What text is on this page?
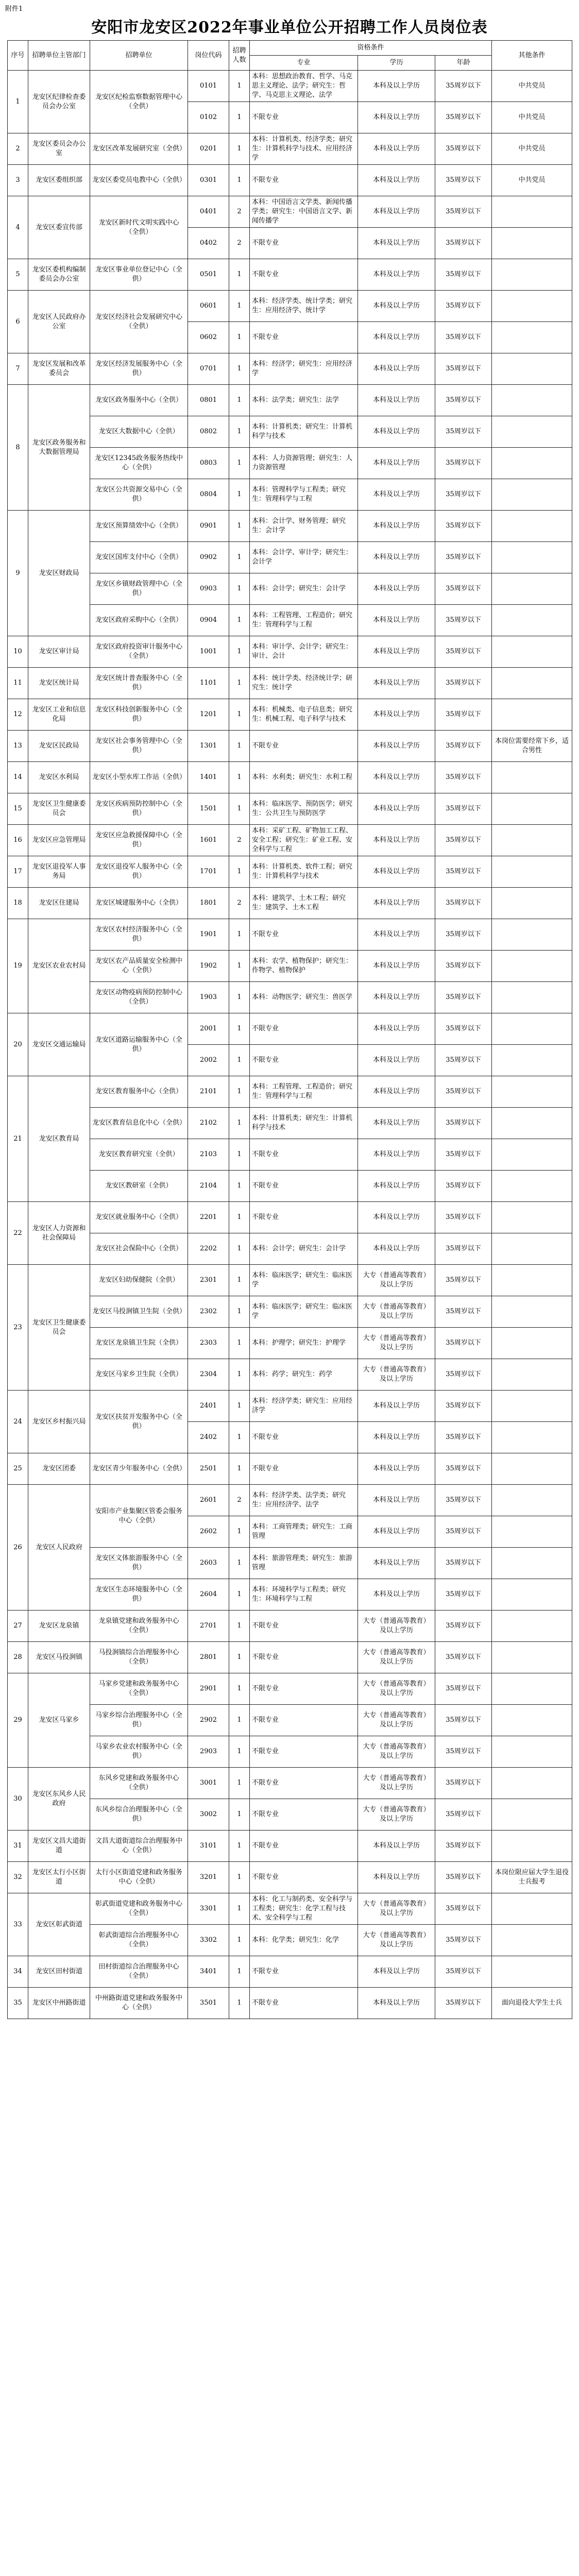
附件1
安阳市龙安区2022年事业单位公开招聘工作人员岗位表
序号	招聘单位主管部门	招聘单位	岗位代码	招聘人数	资格条件			其他条件
					专业	学历	年龄	
1	龙安区纪律检查委员会办公室	龙安区纪检监察数据管理中心（全供）	0101	1	本科：思想政治教育、哲学、马克思主义理论、法学；研究生：哲学、马克思主义理论、法学	本科及以上学历	35周岁以下	中共党员
			0102	1	不限专业	本科及以上学历	35周岁以下	中共党员
2	龙安区委员会办公室	龙安区改革发展研究室（全供）	0201	1	本科：计算机类、经济学类；研究生：计算机科学与技术、应用经济学	本科及以上学历	35周岁以下	中共党员
3	龙安区委组织部	龙安区委党员电教中心（全供）	0301	1	不限专业	本科及以上学历	35周岁以下	中共党员
4	龙安区委宣传部	龙安区新时代文明实践中心（全供）	0401	2	本科：中国语言文学类、新闻传播学类；研究生：中国语言文学、新闻传播学	本科及以上学历	35周岁以下	
			0402	2	不限专业	本科及以上学历	35周岁以下	
5	龙安区委机构编制委员会办公室	龙安区事业单位登记中心（全供）	0501	1	不限专业	本科及以上学历	35周岁以下	
6	龙安区人民政府办公室	龙安区经济社会发展研究中心（全供）	0601	1	本科：经济学类、统计学类；研究生：应用经济学、统计学	本科及以上学历	35周岁以下	
			0602	1	不限专业	本科及以上学历	35周岁以下	
7	龙安区发展和改革委员会	龙安区经济发展服务中心（全供）	0701	1	本科：经济学；研究生：应用经济学	本科及以上学历	35周岁以下	
8	龙安区政务服务和大数据管理局	龙安区政务服务中心（全供）	0801	1	本科：法学类；研究生：法学	本科及以上学历	35周岁以下	
		龙安区大数据中心（全供）	0802	1	本科：计算机类；研究生：计算机科学与技术	本科及以上学历	35周岁以下	
		龙安区12345政务服务热线中心（全供）	0803	1	本科：人力资源管理；研究生：人力资源管理	本科及以上学历	35周岁以下	
		龙安区公共资源交易中心（全供）	0804	1	本科：管理科学与工程类；研究生：管理科学与工程	本科及以上学历	35周岁以下	
9	龙安区财政局	龙安区预算绩效中心（全供）	0901	1	本科：会计学、财务管理；研究生：会计学	本科及以上学历	35周岁以下	
		龙安区国库支付中心（全供）	0902	1	本科：会计学、审计学；研究生：会计学	本科及以上学历	35周岁以下	
		龙安区乡镇财政管理中心（全供）	0903	1	本科：会计学；研究生：会计学	本科及以上学历	35周岁以下	
		龙安区政府采购中心（全供）	0904	1	本科：工程管理、工程造价；研究生：管理科学与工程	本科及以上学历	35周岁以下	
10	龙安区审计局	龙安区政府投资审计服务中心（全供）	1001	1	本科：审计学、会计学；研究生：审计、会计	本科及以上学历	35周岁以下	
11	龙安区统计局	龙安区统计普查服务中心（全供）	1101	1	本科：统计学类、经济统计学；研究生：统计学	本科及以上学历	35周岁以下	
12	龙安区工业和信息化局	龙安区科技创新服务中心（全供）	1201	1	本科：机械类、电子信息类；研究生：机械工程、电子科学与技术	本科及以上学历	35周岁以下	
13	龙安区民政局	龙安区社会事务管理中心（全供）	1301	1	不限专业	本科及以上学历	35周岁以下	本岗位需要经常下乡，适合男性
14	龙安区水利局	龙安区小型水库工作站（全供）	1401	1	本科：水利类；研究生：水利工程	本科及以上学历	35周岁以下	
15	龙安区卫生健康委员会	龙安区疾病预防控制中心（全供）	1501	1	本科：临床医学、预防医学；研究生：公共卫生与预防医学	本科及以上学历	35周岁以下	
16	龙安区应急管理局	龙安区应急救援保障中心（全供）	1601	2	本科：采矿工程、矿物加工工程、安全工程；研究生：矿业工程、安全科学与工程	本科及以上学历	35周岁以下	
17	龙安区退役军人事务局	龙安区退役军人服务中心（全供）	1701	1	本科：计算机类、软件工程；研究生：计算机科学与技术	本科及以上学历	35周岁以下	
18	龙安区住建局	龙安区城建服务中心（全供）	1801	2	本科：建筑学、土木工程；研究生：建筑学、土木工程	本科及以上学历	35周岁以下	
19	龙安区农业农村局	龙安区农村经济服务中心（全供）	1901	1	不限专业	本科及以上学历	35周岁以下	
		龙安区农产品质量安全检测中心（全供）	1902	1	本科：农学、植物保护；研究生：作物学、植物保护	本科及以上学历	35周岁以下	
		龙安区动物疫病预防控制中心（全供）	1903	1	本科：动物医学；研究生：兽医学	本科及以上学历	35周岁以下	
20	龙安区交通运输局	龙安区道路运输服务中心（全供）	2001	1	不限专业	本科及以上学历	35周岁以下	
			2002	1	不限专业	本科及以上学历	35周岁以下	
21	龙安区教育局	龙安区教育服务中心（全供）	2101	1	本科：工程管理、工程造价；研究生：管理科学与工程	本科及以上学历	35周岁以下	
		龙安区教育信息化中心（全供）	2102	1	本科：计算机类；研究生：计算机科学与技术	本科及以上学历	35周岁以下	
		龙安区教育研究室（全供）	2103	1	不限专业	本科及以上学历	35周岁以下	
		龙安区教研室（全供）	2104	1	不限专业	本科及以上学历	35周岁以下	
22	龙安区人力资源和社会保障局	龙安区就业服务中心（全供）	2201	1	不限专业	本科及以上学历	35周岁以下	
		龙安区社会保险中心（全供）	2202	1	本科：会计学；研究生：会计学	本科及以上学历	35周岁以下	
23	龙安区卫生健康委员会	龙安区妇幼保健院（全供）	2301	1	本科：临床医学；研究生：临床医学	大专（普通高等教育）及以上学历	35周岁以下	
		龙安区马投涧镇卫生院（全供）	2302	1	本科：临床医学；研究生：临床医学	大专（普通高等教育）及以上学历	35周岁以下	
		龙安区龙泉镇卫生院（全供）	2303	1	本科：护理学；研究生：护理学	大专（普通高等教育）及以上学历	35周岁以下	
		龙安区马家乡卫生院（全供）	2304	1	本科：药学；研究生：药学	大专（普通高等教育）及以上学历	35周岁以下	
24	龙安区乡村振兴局	龙安区扶贫开发服务中心（全供）	2401	1	本科：经济学类；研究生：应用经济学	本科及以上学历	35周岁以下	
			2402	1	不限专业	本科及以上学历	35周岁以下	
25	龙安区团委	龙安区青少年服务中心（全供）	2501	1	不限专业	本科及以上学历	35周岁以下	
26	龙安区人民政府	安阳市产业集聚区管委会服务中心（全供）	2601	2	本科：经济学类、法学类；研究生：应用经济学、法学	本科及以上学历	35周岁以下	
			2602	1	本科：工商管理类；研究生：工商管理	本科及以上学历	35周岁以下	
		龙安区文体旅游服务中心（全供）	2603	1	本科：旅游管理类；研究生：旅游管理	本科及以上学历	35周岁以下	
		龙安区生态环境服务中心（全供）	2604	1	本科：环境科学与工程类；研究生：环境科学与工程	本科及以上学历	35周岁以下	
27	龙安区龙泉镇	龙泉镇党建和政务服务中心（全供）	2701	1	不限专业	大专（普通高等教育）及以上学历	35周岁以下	
28	龙安区马投涧镇	马投涧镇综合治理服务中心（全供）	2801	1	不限专业	大专（普通高等教育）及以上学历	35周岁以下	
29	龙安区马家乡	马家乡党建和政务服务中心（全供）	2901	1	不限专业	大专（普通高等教育）及以上学历	35周岁以下	
		马家乡综合治理服务中心（全供）	2902	1	不限专业	大专（普通高等教育）及以上学历	35周岁以下	
		马家乡农业农村服务中心（全供）	2903	1	不限专业	大专（普通高等教育）及以上学历	35周岁以下	
30	龙安区东风乡人民政府	东风乡党建和政务服务中心（全供）	3001	1	不限专业	大专（普通高等教育）及以上学历	35周岁以下	
		东风乡综合治理服务中心（全供）	3002	1	不限专业	大专（普通高等教育）及以上学历	35周岁以下	
31	龙安区文昌大道街道	文昌大道街道综合治理服务中心（全供）	3101	1	不限专业	本科及以上学历	35周岁以下	
32	龙安区太行小区街道	太行小区街道党建和政务服务中心（全供）	3201	1	不限专业	本科及以上学历	35周岁以下	本岗位限应届大学生退役士兵报考
33	龙安区彰武街道	彰武街道党建和政务服务中心（全供）	3301	1	本科：化工与制药类、安全科学与工程类；研究生：化学工程与技术、安全科学与工程	大专（普通高等教育）及以上学历	35周岁以下	
		彰武街道综合治理服务中心（全供）	3302	1	本科：化学类；研究生：化学	大专（普通高等教育）及以上学历	35周岁以下	
34	龙安区田村街道	田村街道综合治理服务中心（全供）	3401	1	不限专业	本科及以上学历	35周岁以下	
35	龙安区中州路街道	中州路街道党建和政务服务中心（全供）	3501	1	不限专业	本科及以上学历	35周岁以下	面向退役大学生士兵
